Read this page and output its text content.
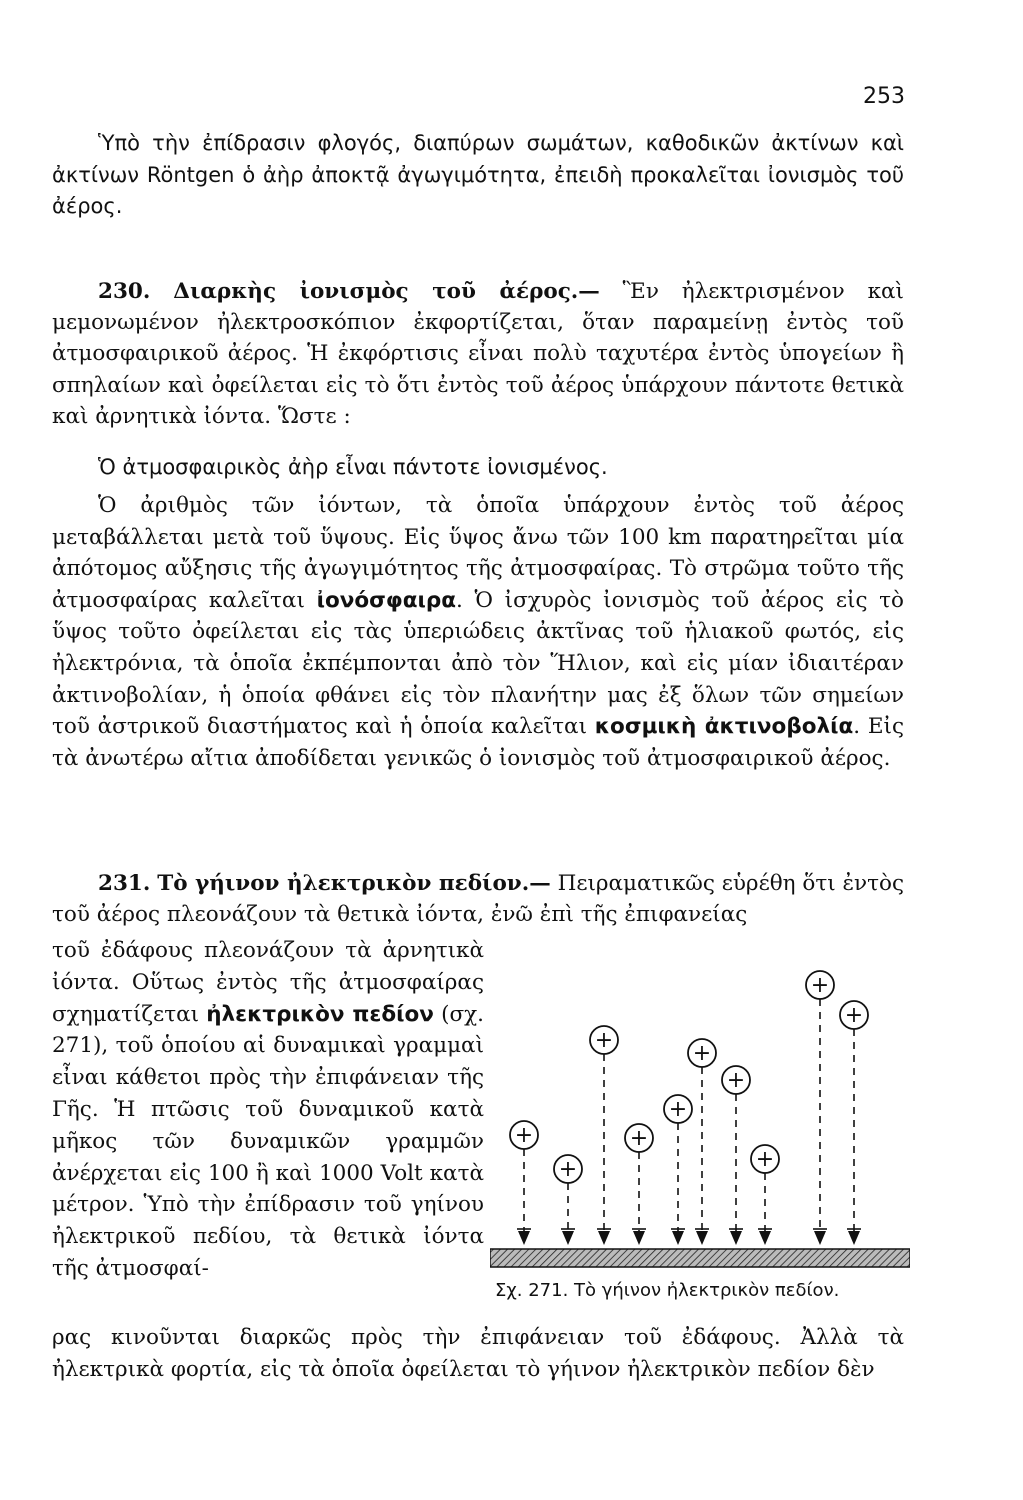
253

Ὑπὸ τὴν ἐπίδρασιν φλογός, διαπύρων σωμάτων, καθοδικῶν ἀκτίνων καὶ ἀκτίνων Röntgen ὁ ἀὴρ ἀποκτᾷ ἀγωγιμότητα, ἐπειδὴ προκαλεῖται ἰονισμὸς τοῦ ἀέρος.

230. Διαρκὴς ἰονισμὸς τοῦ ἀέρος.— Ἓν ἠλεκτρισμένον καὶ μεμονωμένον ἠλεκτροσκόπιον ἐκφορτίζεται, ὅταν παραμείνῃ ἐντὸς τοῦ ἀτμοσφαιρικοῦ ἀέρος. Ἡ ἐκφόρτισις εἶναι πολὺ ταχυτέρα ἐντὸς ὑπογείων ἢ σπηλαίων καὶ ὀφείλεται εἰς τὸ ὅτι ἐντὸς τοῦ ἀέρος ὑπάρχουν πάντοτε θετικὰ καὶ ἀρνητικὰ ἰόντα. Ὥστε :

Ὁ ἀτμοσφαιρικὸς ἀὴρ εἶναι πάντοτε ἰονισμένος.

Ὁ ἀριθμὸς τῶν ἰόντων, τὰ ὁποῖα ὑπάρχουν ἐντὸς τοῦ ἀέρος μεταβάλλεται μετὰ τοῦ ὕψους. Εἰς ὕψος ἄνω τῶν 100 km παρατηρεῖται μία ἀπότομος αὔξησις τῆς ἀγωγιμότητος τῆς ἀτμοσφαίρας. Τὸ στρῶμα τοῦτο τῆς ἀτμοσφαίρας καλεῖται ἰονόσφαιρα. Ὁ ἰσχυρὸς ἰονισμὸς τοῦ ἀέρος εἰς τὸ ὕψος τοῦτο ὀφείλεται εἰς τὰς ὑπεριώδεις ἀκτῖνας τοῦ ἡλιακοῦ φωτός, εἰς ἠλεκτρόνια, τὰ ὁποῖα ἐκπέμπονται ἀπὸ τὸν Ἥλιον, καὶ εἰς μίαν ἰδιαιτέραν ἀκτινοβολίαν, ἡ ὁποία φθάνει εἰς τὸν πλανήτην μας ἐξ ὅλων τῶν σημείων τοῦ ἀστρικοῦ διαστήματος καὶ ἡ ὁποία καλεῖται κοσμικὴ ἀκτινοβολία. Εἰς τὰ ἀνωτέρω αἴτια ἀποδίδεται γενικῶς ὁ ἰονισμὸς τοῦ ἀτμοσφαιρικοῦ ἀέρος.

231. Τὸ γήινον ἠλεκτρικὸν πεδίον.— Πειραματικῶς εὑρέθη ὅτι ἐντὸς τοῦ ἀέρος πλεονάζουν τὰ θετικὰ ἰόντα, ἐνῶ ἐπὶ τῆς ἐπιφανείας

τοῦ ἐδάφους πλεονάζουν τὰ ἀρνητικὰ ἰόντα. Οὕτως ἐντὸς τῆς ἀτμοσφαίρας σχηματίζεται ἠλεκτρικὸν πεδίον (σχ. 271), τοῦ ὁποίου αἱ δυναμικαὶ γραμμαὶ εἶναι κάθετοι πρὸς τὴν ἐπιφάνειαν τῆς Γῆς. Ἡ πτῶσις τοῦ δυναμικοῦ κατὰ μῆκος τῶν δυναμικῶν γραμμῶν ἀνέρχεται εἰς 100 ἢ καὶ 1000 Volt κατὰ μέτρον. Ὑπὸ τὴν ἐπίδρασιν τοῦ γηίνου ἠλεκτρικοῦ πεδίου, τὰ θετικὰ ἰόντα τῆς ἀτμοσφαί-

ρας κινοῦνται διαρκῶς πρὸς τὴν ἐπιφάνειαν τοῦ ἐδάφους. Ἀλλὰ τὰ ἠλεκτρικὰ φορτία, εἰς τὰ ὁποῖα ὀφείλεται τὸ γήινον ἠλεκτρικὸν πεδίον δὲν

+
+
+
+
+
+
+
+
+
+
Σχ. 271. Τὸ γήινον ἠλεκτρικὸν πεδίον.
